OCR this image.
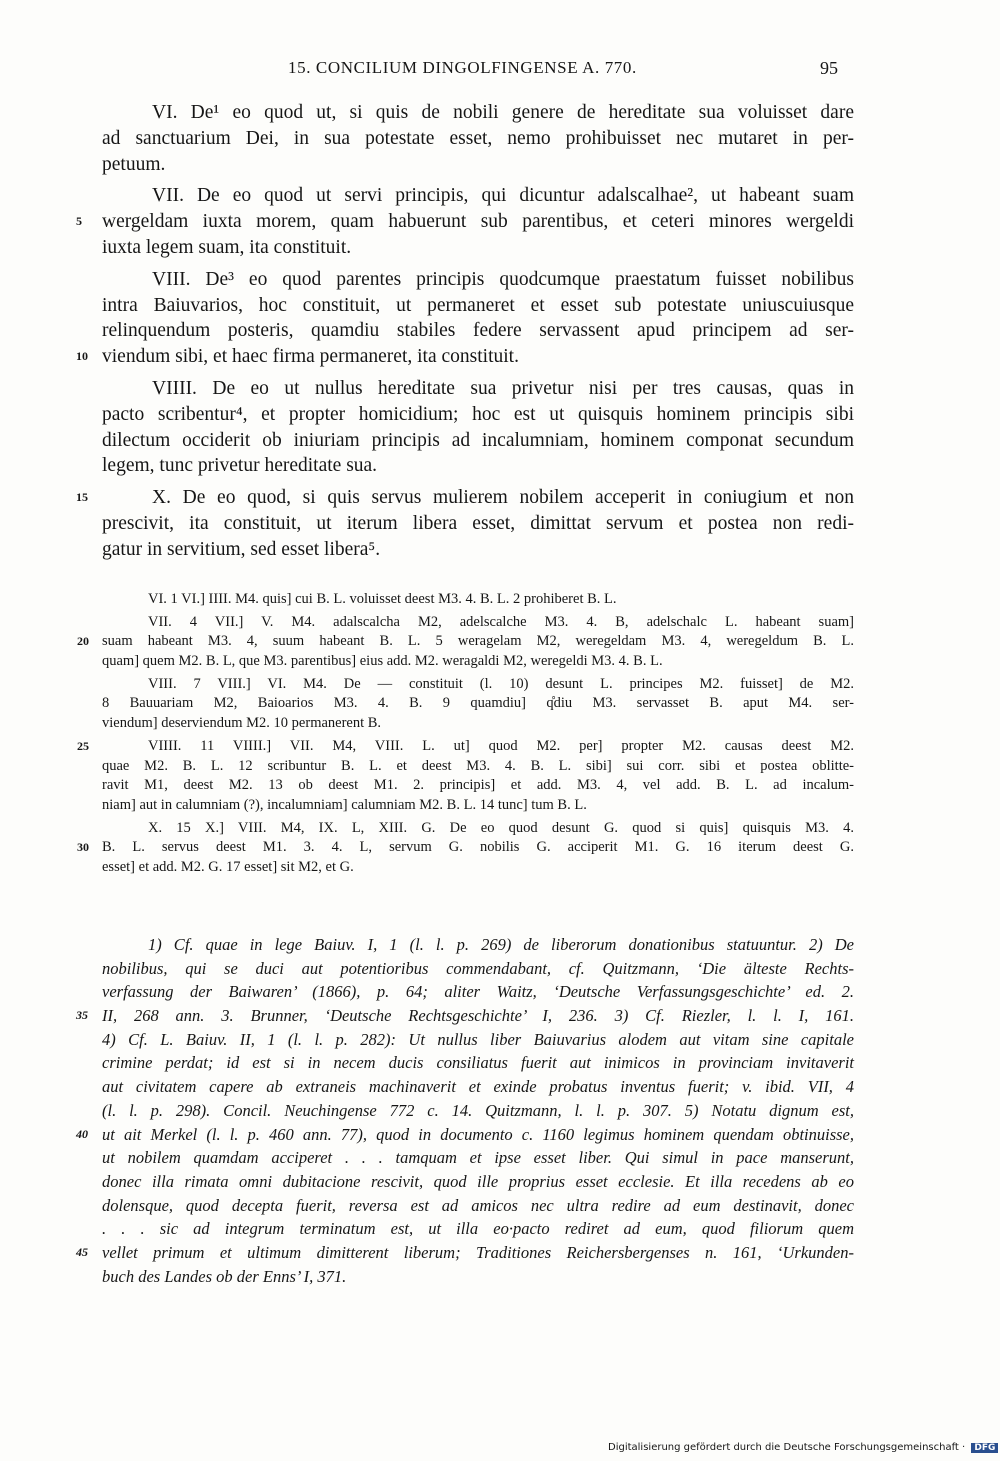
15. CONCILIUM DINGOLFINGENSE A. 770.	95
VI. De¹ eo quod ut, si quis de nobili genere de hereditate sua voluisset dare
ad sanctuarium Dei, in sua potestate esset, nemo prohibuisset nec mutaret in per-
petuum.
VII. De eo quod ut servi principis, qui dicuntur adalscalhae², ut habeant suam
5 wergeldam iuxta morem, quam habuerunt sub parentibus, et ceteri minores wergeldi
iuxta legem suam, ita constituit.
VIII. De³ eo quod parentes principis quodcumque praestatum fuisset nobilibus
intra Baiuvarios, hoc constituit, ut permaneret et esset sub potestate uniuscuiusque
relinquendum posteris, quamdiu stabiles federe servassent apud principem ad ser-
10 viendum sibi, et haec firma permaneret, ita constituit.
VIIII. De eo ut nullus hereditate sua privetur nisi per tres causas, quas in
pacto scribentur⁴, et propter homicidium; hoc est ut quisquis hominem principis sibi
dilectum occiderit ob iniuriam principis ad incalumniam, hominem componat secundum
legem, tunc privetur hereditate sua.
15	X. De eo quod, si quis servus mulierem nobilem acceperit in coniugium et non
prescivit, ita constituit, ut iterum libera esset, dimittat servum et postea non redi-
gatur in servitium, sed esset libera⁵.
VI. 1 VI.] IIII. M4. quis] cui B. L. voluisset deest M3. 4. B. L. 2 prohiberet B. L.
VII. 4 VII.] V. M4. adalscalcha M2, adelscalche M3. 4. B, adelschalc L. habeant suam]
20 suam habeant M3. 4, suum habeant B. L. 5 weragelam M2, weregeldam M3. 4, weregeldum B. L.
quam] quem M2. B. L, que M3. parentibus] eius add. M2. weragaldi M2, weregeldi M3. 4. B. L.
VIII. 7 VIII.] VI. M4. De — constituit (l. 10) desunt L. principes M2. fuisset] de M2.
8 Bauuariam M2, Baioarios M3. 4. B. 9 quamdiu] q̊diu M3. servasset B. aput M4. ser-
viendum] deserviendum M2. 10 permanerent B.
25	VIIII. 11 VIIII.] VII. M4, VIII. L. ut] quod M2. per] propter M2. causas deest M2.
quae M2. B. L. 12 scribuntur B. L. et deest M3. 4. B. L. sibi] sui corr. sibi et postea oblitte-
ravit M1, deest M2. 13 ob deest M1. 2. principis] et add. M3. 4, vel add. B. L. ad incalum-
niam] aut in calumniam (?), incalumniam] calumniam M2. B. L. 14 tunc] tum B. L.
X. 15 X.] VIII. M4, IX. L, XIII. G. De eo quod desunt G. quod si quis] quisquis M3. 4.
30 B. L. servus deest M1. 3. 4. L, servum G. nobilis G. acciperit M1. G. 16 iterum deest G.
esset] et add. M2. G. 17 esset] sit M2, et G.
1) Cf. quae in lege Baiuv. I, 1 (l. l. p. 269) de liberorum donationibus statuuntur. 2) De
nobilibus, qui se duci aut potentioribus commendabant, cf. Quitzmann, ‘Die älteste Rechts-
verfassung der Baiwaren’ (1866), p. 64; aliter Waitz, ‘Deutsche Verfassungsgeschichte’ ed. 2.
35 II, 268 ann. 3. Brunner, ‘Deutsche Rechtsgeschichte’ I, 236. 3) Cf. Riezler, l. l. I, 161.
4) Cf. L. Baiuv. II, 1 (l. l. p. 282): Ut nullus liber Baiuvarius alodem aut vitam sine capitale
crimine perdat; id est si in necem ducis consiliatus fuerit aut inimicos in provinciam invitaverit
aut civitatem capere ab extraneis machinaverit et exinde probatus inventus fuerit; v. ibid. VII, 4
(l. l. p. 298). Concil. Neuchingense 772 c. 14. Quitzmann, l. l. p. 307. 5) Notatu dignum est,
40 ut ait Merkel (l. l. p. 460 ann. 77), quod in documento c. 1160 legimus hominem quendam obtinuisse,
ut nobilem quamdam acciperet . . . tamquam et ipse esset liber. Qui simul in pace manserunt,
donec illa rimata omni dubitacione rescivit, quod ille proprius esset ecclesie. Et illa recedens ab eo
dolensque, quod decepta fuerit, reversa est ad amicos nec ultra redire ad eum destinavit, donec
. . . sic ad integrum terminatum est, ut illa eo·pacto rediret ad eum, quod filiorum quem
45 vellet primum et ultimum dimitterent liberum; Traditiones Reichersbergenses n. 161, ‘Urkunden-
buch des Landes ob der Enns’ I, 371.
Digitalisierung gefördert durch die Deutsche Forschungsgemeinschaft · DFG
